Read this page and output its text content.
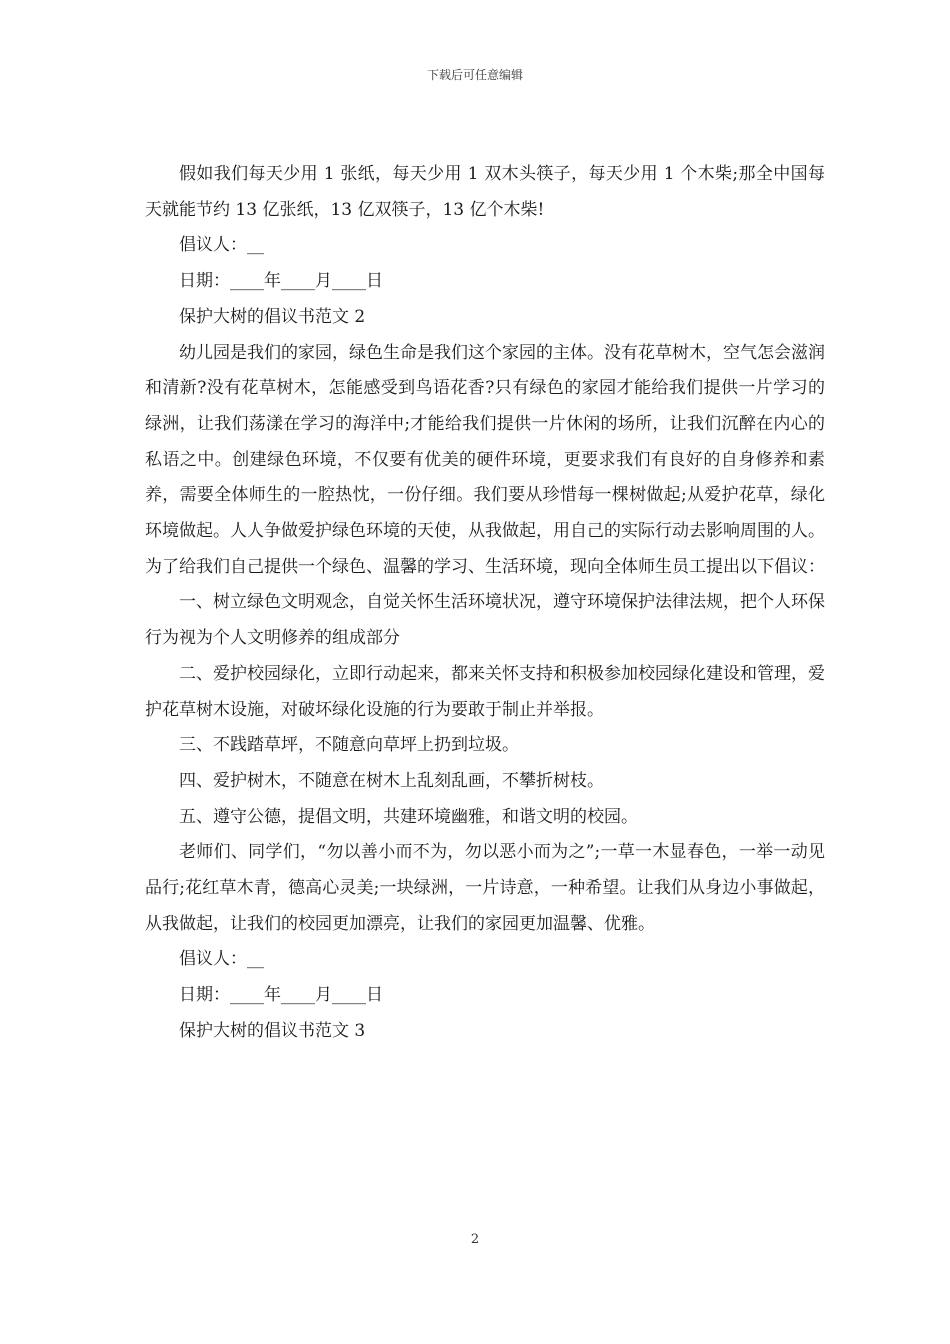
下载后可任意编辑

假如我们每天少用 1 张纸，每天少用 1 双木头筷子，每天少用 1 个木柴;那全中国每天就能节约 13 亿张纸，13 亿双筷子，13 亿个木柴!

倡议人：__

日期：____年____月____日

保护大树的倡议书范文 2

幼儿园是我们的家园，绿色生命是我们这个家园的主体。没有花草树木，空气怎会滋润和清新?没有花草树木，怎能感受到鸟语花香?只有绿色的家园才能给我们提供一片学习的绿洲，让我们荡漾在学习的海洋中;才能给我们提供一片休闲的场所，让我们沉醉在内心的私语之中。创建绿色环境，不仅要有优美的硬件环境，更要求我们有良好的自身修养和素养，需要全体师生的一腔热忱，一份仔细。我们要从珍惜每一棵树做起;从爱护花草，绿化环境做起。人人争做爱护绿色环境的天使，从我做起，用自己的实际行动去影响周围的人。为了给我们自己提供一个绿色、温馨的学习、生活环境，现向全体师生员工提出以下倡议：

一、树立绿色文明观念，自觉关怀生活环境状况，遵守环境保护法律法规，把个人环保行为视为个人文明修养的组成部分

二、爱护校园绿化，立即行动起来，都来关怀支持和积极参加校园绿化建设和管理，爱护花草树木设施，对破坏绿化设施的行为要敢于制止并举报。

三、不践踏草坪，不随意向草坪上扔到垃圾。

四、爱护树木，不随意在树木上乱刻乱画，不攀折树枝。

五、遵守公德，提倡文明，共建环境幽雅，和谐文明的校园。

老师们、同学们，“勿以善小而不为，勿以恶小而为之”;一草一木显春色，一举一动见品行;花红草木青，德高心灵美;一块绿洲，一片诗意，一种希望。让我们从身边小事做起，从我做起，让我们的校园更加漂亮，让我们的家园更加温馨、优雅。

倡议人：__

日期：____年____月____日

保护大树的倡议书范文 3

2
